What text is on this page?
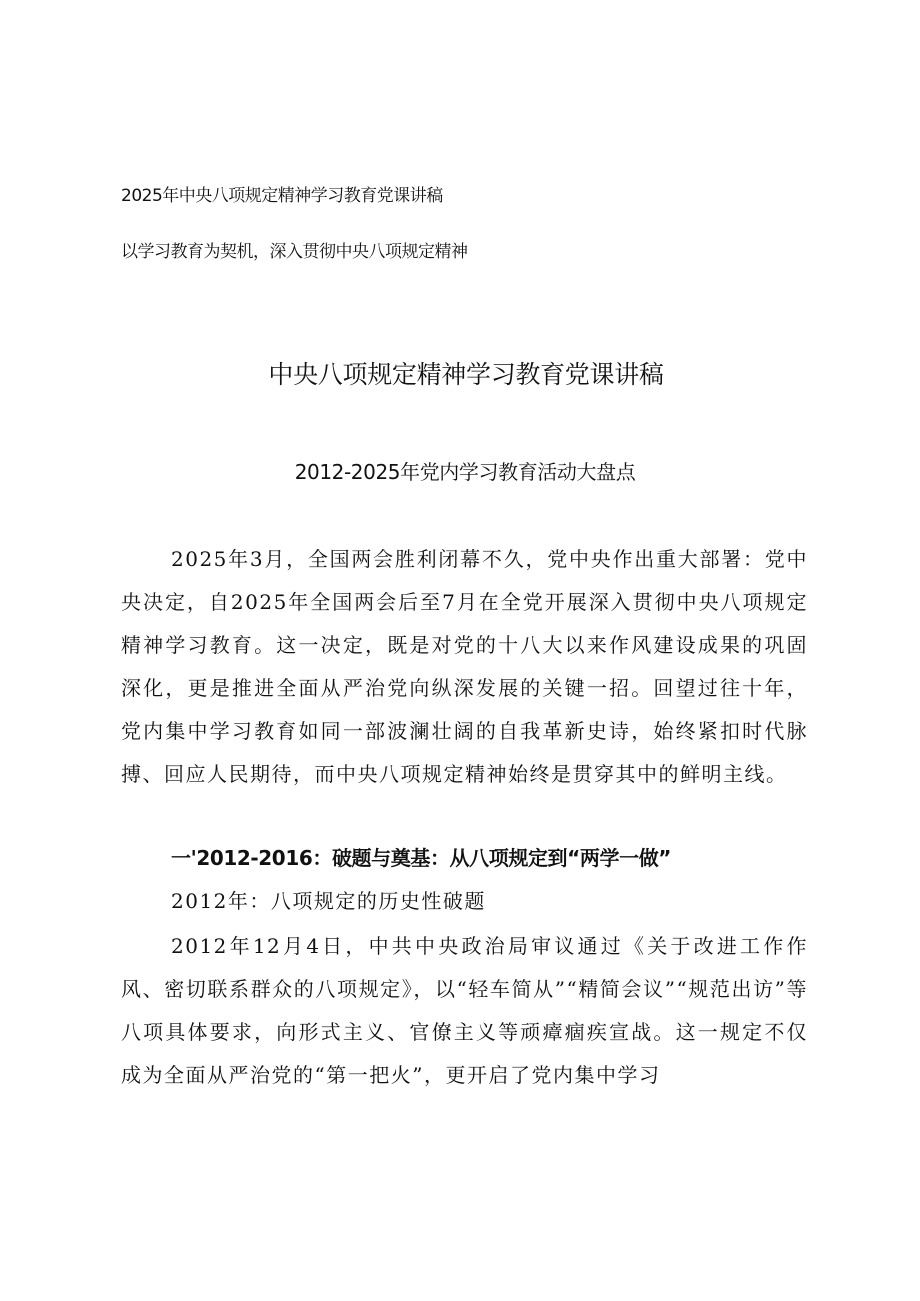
2025年中央八项规定精神学习教育党课讲稿
以学习教育为契机，深入贯彻中央八项规定精神
中央八项规定精神学习教育党课讲稿
2012-2025年党内学习教育活动大盘点

2025年3月，全国两会胜利闭幕不久，党中央作出重大部署：党中央决定，自2025年全国两会后至7月在全党开展深入贯彻中央八项规定精神学习教育。这一决定，既是对党的十八大以来作风建设成果的巩固深化，更是推进全面从严治党向纵深发展的关键一招。回望过往十年，党内集中学习教育如同一部波澜壮阔的自我革新史诗，始终紧扣时代脉搏、回应人民期待，而中央八项规定精神始终是贯穿其中的鲜明主线。

一'2012-2016：破题与奠基：从八项规定到“两学一做”
2012年：八项规定的历史性破题

2012年12月4日，中共中央政治局审议通过《关于改进工作作风、密切联系群众的八项规定》，以“轻车简从”“精简会议”“规范出访”等八项具体要求，向形式主义、官僚主义等顽瘴痼疾宣战。这一规定不仅成为全面从严治党的“第一把火”，更开启了党内集中学习
